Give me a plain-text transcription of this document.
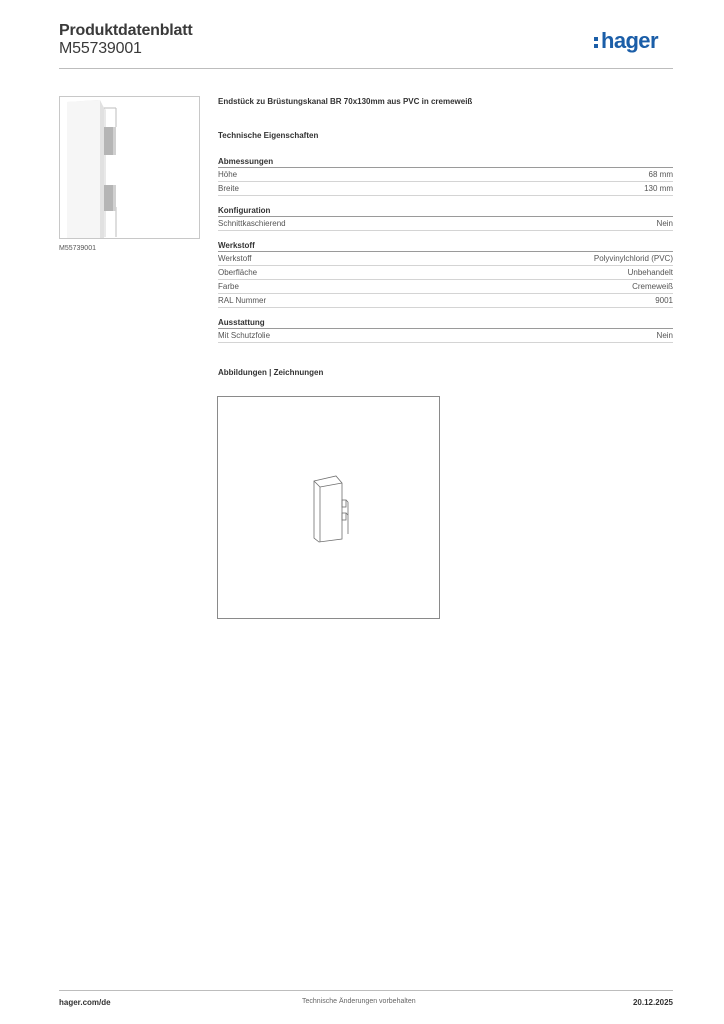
Produktdatenblatt
M55739001	hager
M55739001

Endstück zu Brüstungskanal BR 70x130mm aus PVC in cremeweiß

Technische Eigenschaften

Abmessungen
Höhe	68 mm
Breite	130 mm
Konfiguration
Schnittkaschierend	Nein
Werkstoff
Werkstoff	Polyvinylchlorid (PVC)
Oberfläche	Unbehandelt
Farbe	Cremeweiß
RAL Nummer	9001
Ausstattung
Mit Schutzfolie	Nein
Abbildungen | Zeichnungen
hager.com/de	Technische Änderungen vorbehalten	20.12.2025
